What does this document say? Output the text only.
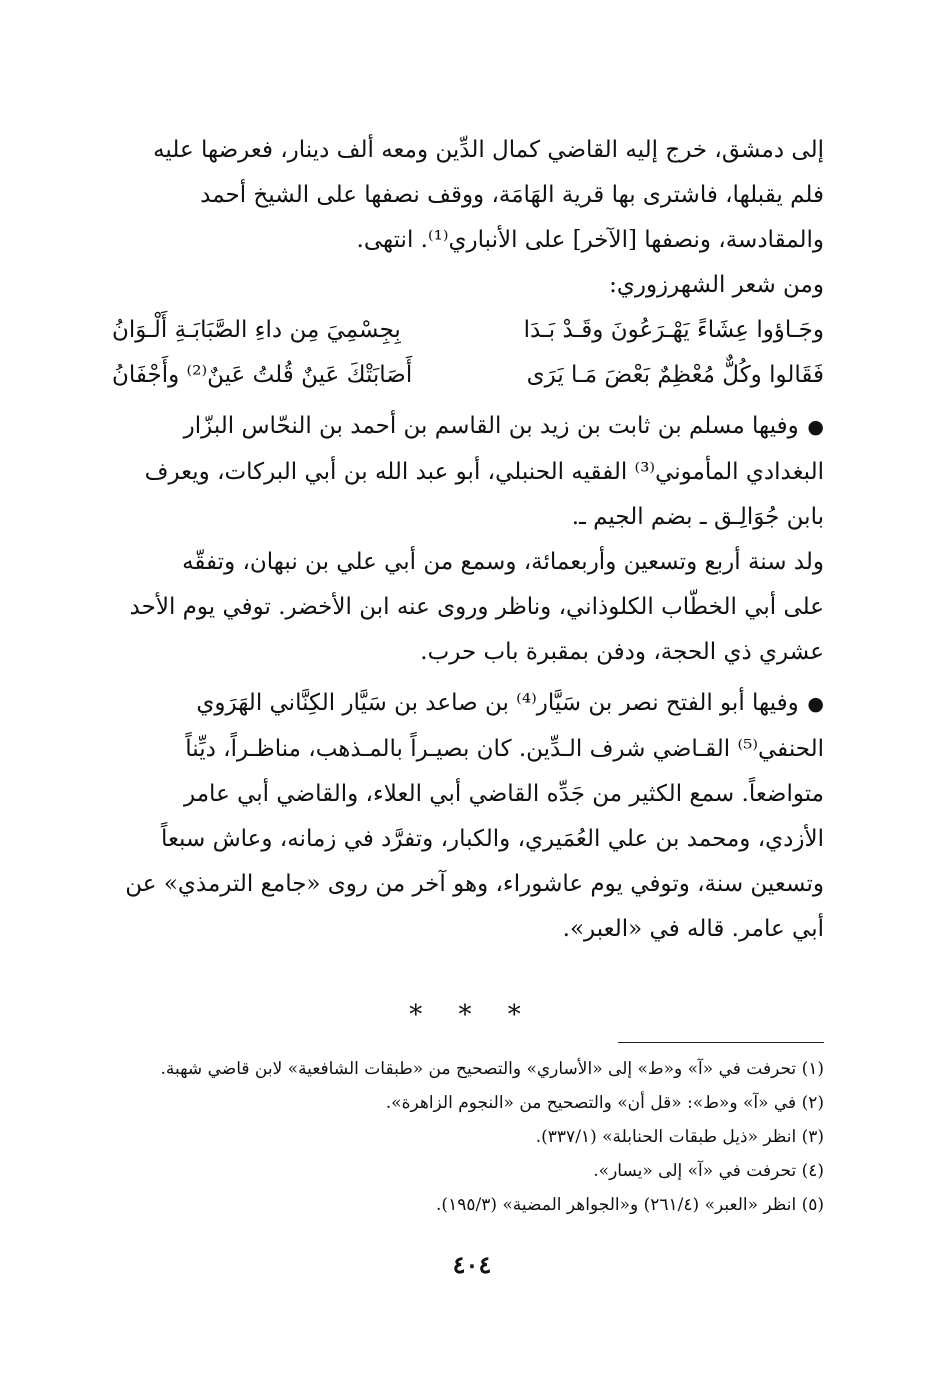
إلى دمشق، خرج إليه القاضي كمال الدِّين ومعه ألف دينار، فعرضها عليه
فلم يقبلها، فاشترى بها قرية الهَامَة، ووقف نصفها على الشيخ أحمد
والمقادسة، ونصفها [الآخر] على الأنباري⁽¹⁾. انتهى.

ومن شعر الشهرزوري:

وجَـاؤوا عِشَاءً يَهْـرَعُونَ وقَـدْ بَـدَا
بِجِسْمِيَ مِن داءِ الصَّبَابَـةِ أَلْـوَانُ
فَقَالوا وكُلٌّ مُعْظِمٌ بَعْضَ مَـا يَرَى
أَصَابَتْكَ عَينٌ قُلتُ عَينٌ⁽²⁾ وأَجْفَانُ

● وفيها مسلم بن ثابت بن زيد بن القاسم بن أحمد بن النحّاس البزّار
البغدادي المأموني⁽³⁾ الفقيه الحنبلي، أبو عبد الله بن أبي البركات، ويعرف
بابن جُوَالِـق ـ بضم الجيم ـ.

ولد سنة أربع وتسعين وأربعمائة، وسمع من أبي علي بن نبهان، وتفقّه
على أبي الخطّاب الكلوذاني، وناظر وروى عنه ابن الأخضر. توفي يوم الأحد
عشري ذي الحجة، ودفن بمقبرة باب حرب.

● وفيها أبو الفتح نصر بن سَيَّار⁽⁴⁾ بن صاعد بن سَيَّار الكِنَّاني الهَرَوي
الحنفي⁽⁵⁾ القـاضي شرف الـدِّين. كان بصيـراً بالمـذهب، مناظـراً، ديِّناً
متواضعاً. سمع الكثير من جَدِّه القاضي أبي العلاء، والقاضي أبي عامر
الأزدي، ومحمد بن علي العُمَيري، والكبار، وتفرَّد في زمانه، وعاش سبعاً
وتسعين سنة، وتوفي يوم عاشوراء، وهو آخر من روى «جامع الترمذي» عن
أبي عامر. قاله في «العبر».

* * *

(١) تحرفت في «آ» و«ط» إلى «الأساري» والتصحيح من «طبقات الشافعية» لابن قاضي شهبة.

(٢) في «آ» و«ط»: «قل أن» والتصحيح من «النجوم الزاهرة».

(٣) انظر «ذيل طبقات الحنابلة» (٣٣٧/١).

(٤) تحرفت في «آ» إلى «يسار».

(٥) انظر «العبر» (٢٦١/٤) و«الجواهر المضية» (١٩٥/٣).

٤٠٤
